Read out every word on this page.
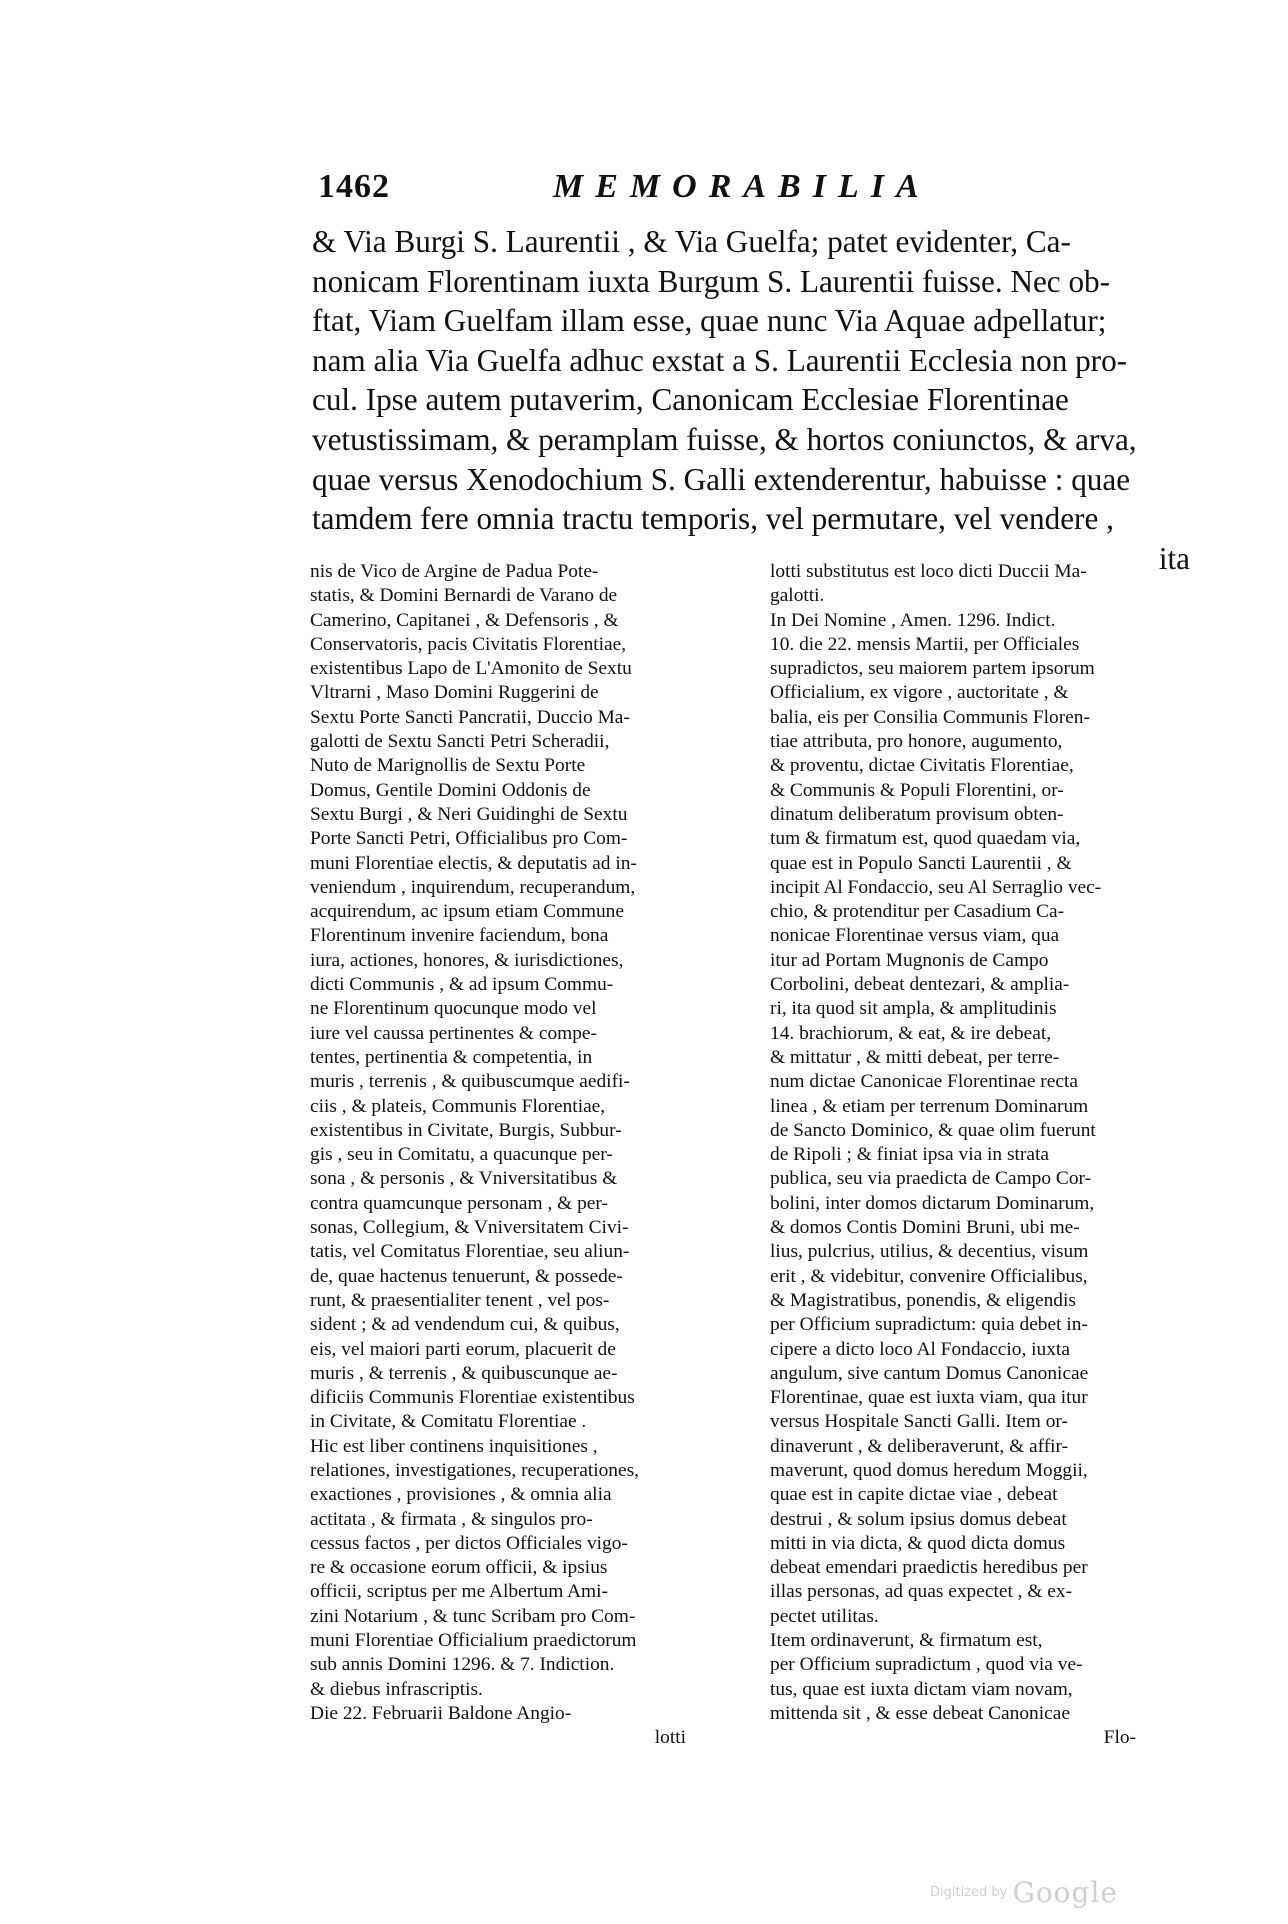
1462	MEMORABILIA
& Via Burgi S. Laurentii , & Via Guelfa; patet evidenter, Ca-
nonicam Florentinam iuxta Burgum S. Laurentii fuisse. Nec ob-
ftat, Viam Guelfam illam esse, quae nunc Via Aquae adpellatur;
nam alia Via Guelfa adhuc exstat a S. Laurentii Ecclesia non pro-
cul. Ipse autem putaverim, Canonicam Ecclesiae Florentinae
vetustissimam, & peramplam fuisse, & hortos coniunctos, & arva,
quae versus Xenodochium S. Galli extenderentur, habuisse : quae
tamdem fere omnia tractu temporis, vel permutare, vel vendere ,
ita
nis de Vico de Argine de Padua Pote-
statis, & Domini Bernardi de Varano de
Camerino, Capitanei , & Defensoris , &
Conservatoris, pacis Civitatis Florentiae,
existentibus Lapo de L'Amonito de Sextu
Vltrarni , Maso Domini Ruggerini de
Sextu Porte Sancti Pancratii, Duccio Ma-
galotti de Sextu Sancti Petri Scheradii,
Nuto de Marignollis de Sextu Porte
Domus, Gentile Domini Oddonis de
Sextu Burgi , & Neri Guidinghi de Sextu
Porte Sancti Petri, Officialibus pro Com-
muni Florentiae electis, & deputatis ad in-
veniendum , inquirendum, recuperandum,
acquirendum, ac ipsum etiam Commune
Florentinum invenire faciendum, bona
iura, actiones, honores, & iurisdictiones,
dicti Communis , & ad ipsum Commu-
ne Florentinum quocunque modo vel
iure vel caussa pertinentes & compe-
tentes, pertinentia & competentia, in
muris , terrenis , & quibuscumque aedifi-
ciis , & plateis, Communis Florentiae,
existentibus in Civitate, Burgis, Subbur-
gis , seu in Comitatu, a quacunque per-
sona , & personis , & Vniversitatibus &
contra quamcunque personam , & per-
sonas, Collegium, & Vniversitatem Civi-
tatis, vel Comitatus Florentiae, seu aliun-
de, quae hactenus tenuerunt, & possede-
runt, & praesentialiter tenent , vel pos-
sident ; & ad vendendum cui, & quibus,
eis, vel maiori parti eorum, placuerit de
muris , & terrenis , & quibuscunque ae-
dificiis Communis Florentiae existentibus
in Civitate, & Comitatu Florentiae .
Hic est liber continens inquisitiones ,
relationes, investigationes, recuperationes,
exactiones , provisiones , & omnia alia
actitata , & firmata , & singulos pro-
cessus factos , per dictos Officiales vigo-
re & occasione eorum officii, & ipsius
officii, scriptus per me Albertum Ami-
zini Notarium , & tunc Scribam pro Com-
muni Florentiae Officialium praedictorum
sub annis Domini 1296. & 7. Indiction.
& diebus infrascriptis.
Die 22. Februarii Baldone Angio-
lotti
lotti substitutus est loco dicti Duccii Ma-
galotti.
In Dei Nomine , Amen. 1296. Indict.
10. die 22. mensis Martii, per Officiales
supradictos, seu maiorem partem ipsorum
Officialium, ex vigore , auctoritate , &
balia, eis per Consilia Communis Floren-
tiae attributa, pro honore, augumento,
& proventu, dictae Civitatis Florentiae,
& Communis & Populi Florentini, or-
dinatum deliberatum provisum obten-
tum & firmatum est, quod quaedam via,
quae est in Populo Sancti Laurentii , &
incipit Al Fondaccio, seu Al Serraglio vec-
chio, & protenditur per Casadium Ca-
nonicae Florentinae versus viam, qua
itur ad Portam Mugnonis de Campo
Corbolini, debeat dentezari, & amplia-
ri, ita quod sit ampla, & amplitudinis
14. brachiorum, & eat, & ire debeat,
& mittatur , & mitti debeat, per terre-
num dictae Canonicae Florentinae recta
linea , & etiam per terrenum Dominarum
de Sancto Dominico, & quae olim fuerunt
de Ripoli ; & finiat ipsa via in strata
publica, seu via praedicta de Campo Cor-
bolini, inter domos dictarum Dominarum,
& domos Contis Domini Bruni, ubi me-
lius, pulcrius, utilius, & decentius, visum
erit , & videbitur, convenire Officialibus,
& Magistratibus, ponendis, & eligendis
per Officium supradictum: quia debet in-
cipere a dicto loco Al Fondaccio, iuxta
angulum, sive cantum Domus Canonicae
Florentinae, quae est iuxta viam, qua itur
versus Hospitale Sancti Galli. Item or-
dinaverunt , & deliberaverunt, & affir-
maverunt, quod domus heredum Moggii,
quae est in capite dictae viae , debeat
destrui , & solum ipsius domus debeat
mitti in via dicta, & quod dicta domus
debeat emendari praedictis heredibus per
illas personas, ad quas expectet , & ex-
pectet utilitas.
Item ordinaverunt, & firmatum est,
per Officium supradictum , quod via ve-
tus, quae est iuxta dictam viam novam,
mittenda sit , & esse debeat Canonicae
Flo-
Digitized by Google
